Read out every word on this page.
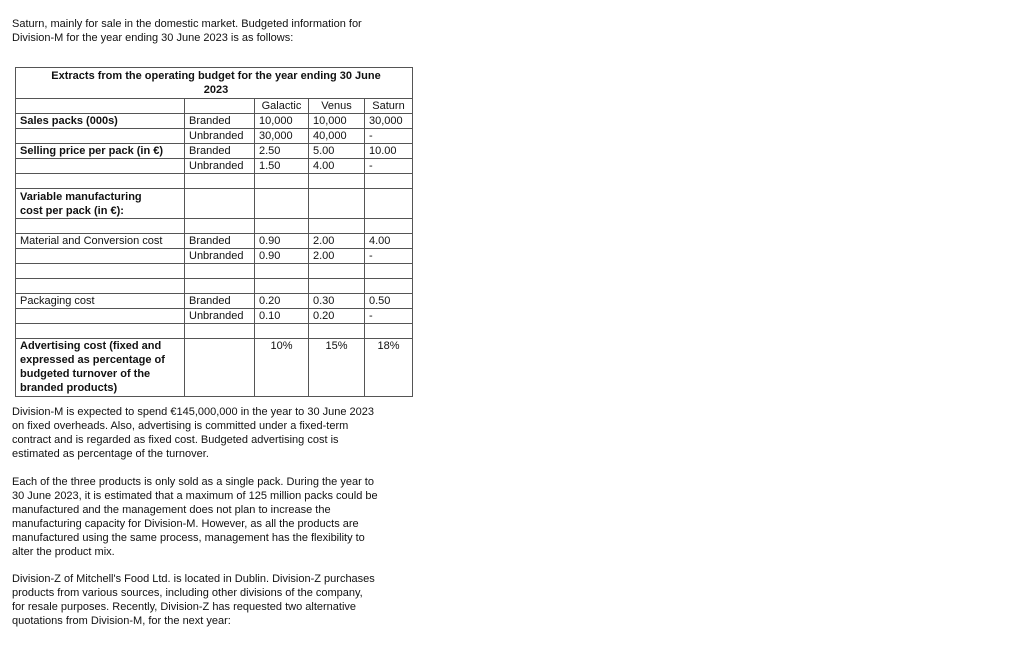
Saturn, mainly for sale in the domestic market. Budgeted information for
Division-M for the year ending 30 June 2023 is as follows:

Extracts from the operating budget for the year ending 30 June
2023				
		Galactic	Venus	Saturn
Sales packs (000s)	Branded	10,000	10,000	30,000
	Unbranded	30,000	40,000	-
Selling price per pack (in €)	Branded	2.50	5.00	10.00
	Unbranded	1.50	4.00	-

Variable manufacturing
cost per pack (in €):				

Material and Conversion cost	Branded	0.90	2.00	4.00
	Unbranded	0.90	2.00	-

Packaging cost	Branded	0.20	0.30	0.50
	Unbranded	0.10	0.20	-

Advertising cost (fixed and
expressed as percentage of
budgeted turnover of the
branded products)		10%	15%	18%

Division-M is expected to spend €145,000,000 in the year to 30 June 2023
on fixed overheads. Also, advertising is committed under a fixed-term
contract and is regarded as fixed cost. Budgeted advertising cost is
estimated as percentage of the turnover.

Each of the three products is only sold as a single pack. During the year to
30 June 2023, it is estimated that a maximum of 125 million packs could be
manufactured and the management does not plan to increase the
manufacturing capacity for Division-M. However, as all the products are
manufactured using the same process, management has the flexibility to
alter the product mix.

Division-Z of Mitchell's Food Ltd. is located in Dublin. Division-Z purchases
products from various sources, including other divisions of the company,
for resale purposes. Recently, Division-Z has requested two alternative
quotations from Division-M, for the next year:
